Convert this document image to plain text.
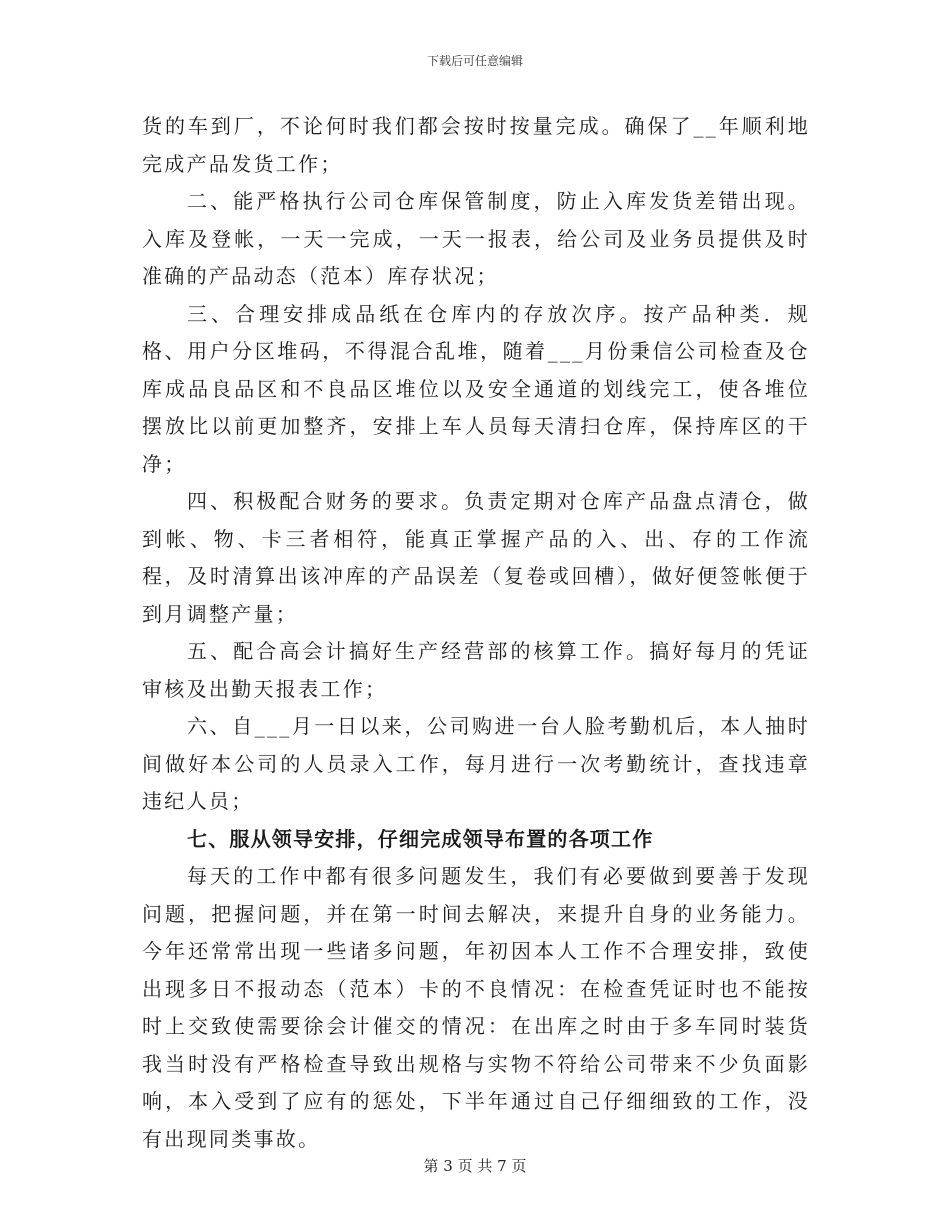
下载后可任意编辑

货的车到厂，不论何时我们都会按时按量完成。确保了__年顺利地完成产品发货工作；

二、能严格执行公司仓库保管制度，防止入库发货差错出现。入库及登帐，一天一完成，一天一报表，给公司及业务员提供及时准确的产品动态（范本）库存状况；

三、合理安排成品纸在仓库内的存放次序。按产品种类．规格、用户分区堆码，不得混合乱堆，随着___月份秉信公司检查及仓库成品良品区和不良品区堆位以及安全通道的划线完工，使各堆位摆放比以前更加整齐，安排上车人员每天清扫仓库，保持库区的干净；

四、积极配合财务的要求。负责定期对仓库产品盘点清仓，做到帐、物、卡三者相符，能真正掌握产品的入、出、存的工作流程，及时清算出该冲库的产品误差（复卷或回槽），做好便签帐便于到月调整产量；

五、配合高会计搞好生产经营部的核算工作。搞好每月的凭证审核及出勤天报表工作；

六、自___月一日以来，公司购进一台人脸考勤机后，本人抽时间做好本公司的人员录入工作，每月进行一次考勤统计，查找违章违纪人员；

七、服从领导安排，仔细完成领导布置的各项工作

每天的工作中都有很多问题发生，我们有必要做到要善于发现问题，把握问题，并在第一时间去解决，来提升自身的业务能力。今年还常常出现一些诸多问题，年初因本人工作不合理安排，致使出现多日不报动态（范本）卡的不良情况：在检查凭证时也不能按时上交致使需要徐会计催交的情况：在出库之时由于多车同时装货我当时没有严格检查导致出规格与实物不符给公司带来不少负面影响，本入受到了应有的惩处，下半年通过自己仔细细致的工作，没有出现同类事故。

第 3 页 共 7 页
